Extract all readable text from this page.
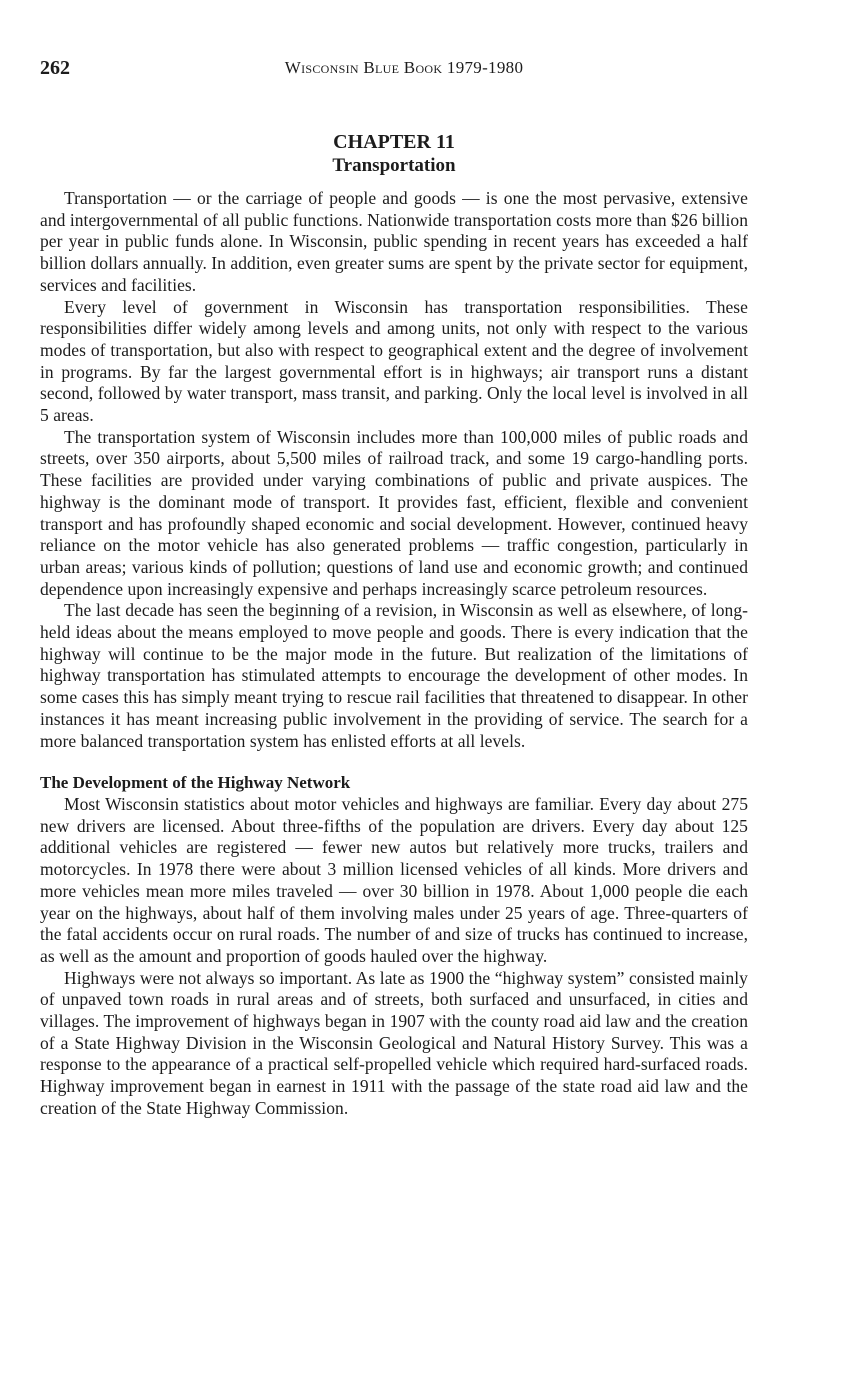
262	Wisconsin Blue Book 1979-1980
CHAPTER 11
Transportation

Transportation — or the carriage of people and goods — is one the most pervasive, extensive and intergovernmental of all public functions. Nationwide transportation costs more than $26 billion per year in public funds alone. In Wisconsin, public spending in recent years has exceeded a half billion dollars annually. In addition, even greater sums are spent by the private sector for equipment, services and facilities.

Every level of government in Wisconsin has transportation responsibilities. These responsibilities differ widely among levels and among units, not only with respect to the various modes of transportation, but also with respect to geographical extent and the degree of involvement in programs. By far the largest governmental effort is in highways; air transport runs a distant second, followed by water transport, mass transit, and parking. Only the local level is involved in all 5 areas.

The transportation system of Wisconsin includes more than 100,000 miles of public roads and streets, over 350 airports, about 5,500 miles of railroad track, and some 19 cargo-handling ports. These facilities are provided under varying combinations of public and private auspices. The highway is the dominant mode of transport. It provides fast, efficient, flexible and convenient transport and has profoundly shaped economic and social development. However, continued heavy reliance on the motor vehicle has also generated problems — traffic congestion, particularly in urban areas; various kinds of pollution; questions of land use and economic growth; and continued dependence upon increasingly expensive and perhaps increasingly scarce petroleum resources.

The last decade has seen the beginning of a revision, in Wisconsin as well as elsewhere, of long-held ideas about the means employed to move people and goods. There is every indication that the highway will continue to be the major mode in the future. But realization of the limitations of highway transportation has stimulated attempts to encourage the development of other modes. In some cases this has simply meant trying to rescue rail facilities that threatened to disappear. In other instances it has meant increasing public involvement in the providing of service. The search for a more balanced transportation system has enlisted efforts at all levels.

The Development of the Highway Network

Most Wisconsin statistics about motor vehicles and highways are familiar. Every day about 275 new drivers are licensed. About three-fifths of the population are drivers. Every day about 125 additional vehicles are registered — fewer new autos but relatively more trucks, trailers and motorcycles. In 1978 there were about 3 million licensed vehicles of all kinds. More drivers and more vehicles mean more miles traveled — over 30 billion in 1978. About 1,000 people die each year on the highways, about half of them involving males under 25 years of age. Three-quarters of the fatal accidents occur on rural roads. The number of and size of trucks has continued to increase, as well as the amount and proportion of goods hauled over the highway.

Highways were not always so important. As late as 1900 the “highway system” consisted mainly of unpaved town roads in rural areas and of streets, both surfaced and unsurfaced, in cities and villages. The improvement of highways began in 1907 with the county road aid law and the creation of a State Highway Division in the Wisconsin Geological and Natural History Survey. This was a response to the appearance of a practical self-propelled vehicle which required hard-surfaced roads. Highway improvement began in earnest in 1911 with the passage of the state road aid law and the creation of the State Highway Commission.
